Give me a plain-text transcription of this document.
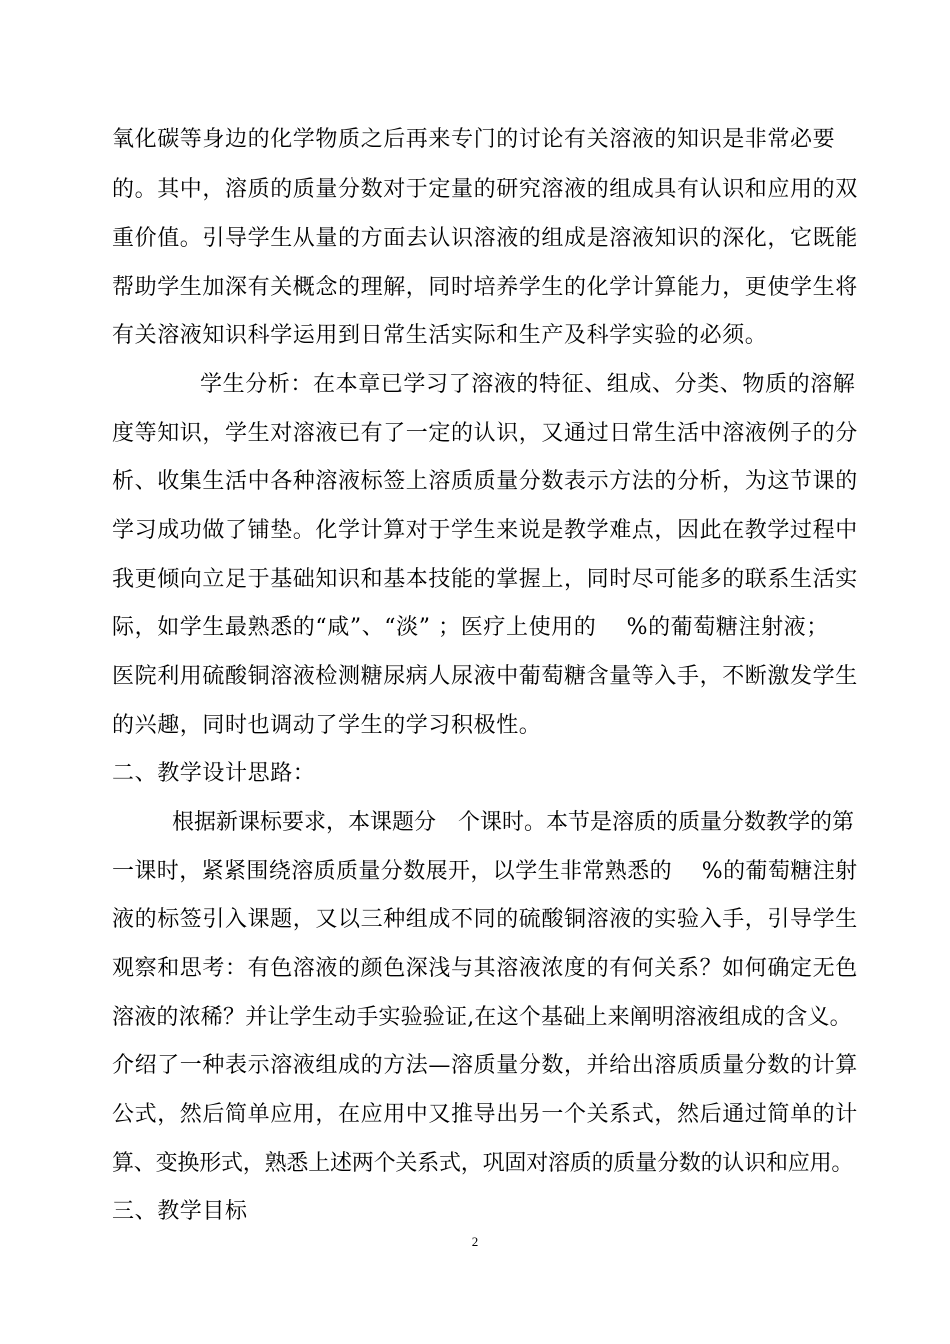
氧化碳等身边的化学物质之后再来专门的讨论有关溶液的知识是非常必要
的。其中，溶质的质量分数对于定量的研究溶液的组成具有认识和应用的双
重价值。引导学生从量的方面去认识溶液的组成是溶液知识的深化，它既能
帮助学生加深有关概念的理解，同时培养学生的化学计算能力，更使学生将
有关溶液知识科学运用到日常生活实际和生产及科学实验的必须。
学生分析：在本章已学习了溶液的特征、组成、分类、物质的溶解
度等知识，学生对溶液已有了一定的认识，又通过日常生活中溶液例子的分
析、收集生活中各种溶液标签上溶质质量分数表示方法的分析，为这节课的
学习成功做了铺垫。化学计算对于学生来说是教学难点，因此在教学过程中
我更倾向立足于基础知识和基本技能的掌握上，同时尽可能多的联系生活实
际，如学生最熟悉的“咸”、“淡” ；医疗上使用的　 %的葡萄糖注射液；
医院利用硫酸铜溶液检测糖尿病人尿液中葡萄糖含量等入手，不断激发学生
的兴趣，同时也调动了学生的学习积极性。
二、教学设计思路：
根据新课标要求，本课题分　个课时。本节是溶质的质量分数教学的第
一课时，紧紧围绕溶质质量分数展开，以学生非常熟悉的　 %的葡萄糖注射
液的标签引入课题，又以三种组成不同的硫酸铜溶液的实验入手，引导学生
观察和思考：有色溶液的颜色深浅与其溶液浓度的有何关系？如何确定无色
溶液的浓稀？并让学生动手实验验证,在这个基础上来阐明溶液组成的含义。
介绍了一种表示溶液组成的方法—溶质量分数，并给出溶质质量分数的计算
公式，然后简单应用，在应用中又推导出另一个关系式，然后通过简单的计
算、变换形式，熟悉上述两个关系式，巩固对溶质的质量分数的认识和应用。
三、教学目标
2
